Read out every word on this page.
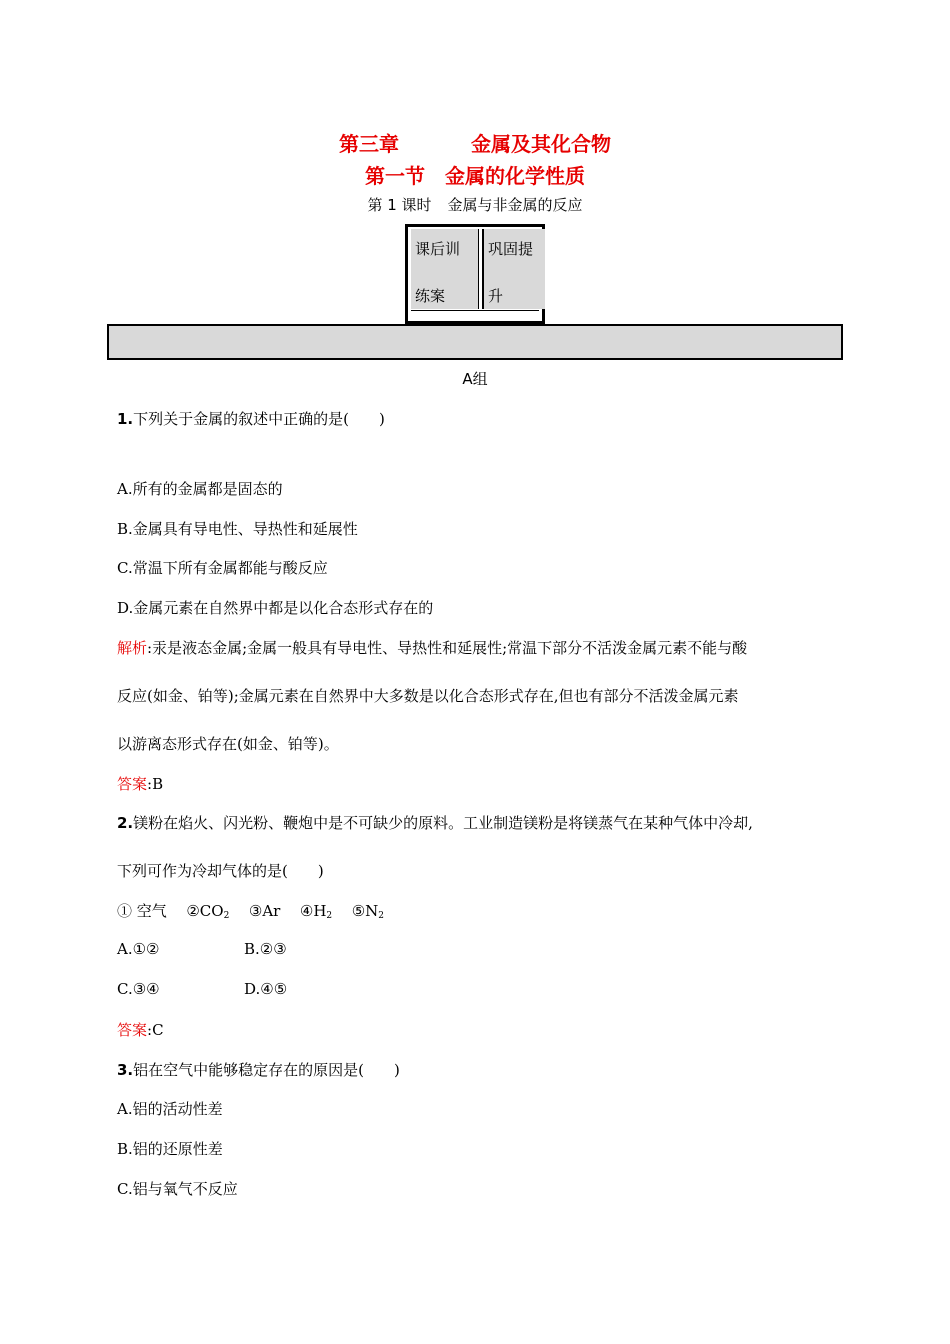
第三章	金属及其化合物
第一节 金属的化学性质
第 1 课时 金属与非金属的反应
课后训
练案
巩固提
升
A组
1.下列关于金属的叙述中正确的是(　　)
A.所有的金属都是固态的
B.金属具有导电性、导热性和延展性
C.常温下所有金属都能与酸反应
D.金属元素在自然界中都是以化合态形式存在的
解析:汞是液态金属;金属一般具有导电性、导热性和延展性;常温下部分不活泼金属元素不能与酸
反应(如金、铂等);金属元素在自然界中大多数是以化合态形式存在,但也有部分不活泼金属元素
以游离态形式存在(如金、铂等)。
答案:B
2.镁粉在焰火、闪光粉、鞭炮中是不可缺少的原料。工业制造镁粉是将镁蒸气在某种气体中冷却,
下列可作为冷却气体的是(　　)
① 空气 $②CO_2$ ③Ar $④H_2$ $⑤N_2$
A.①②	B.②③
C.③④	D.④⑤
答案:C
3.铝在空气中能够稳定存在的原因是(　　)
A.铝的活动性差
B.铝的还原性差
C.铝与氧气不反应
